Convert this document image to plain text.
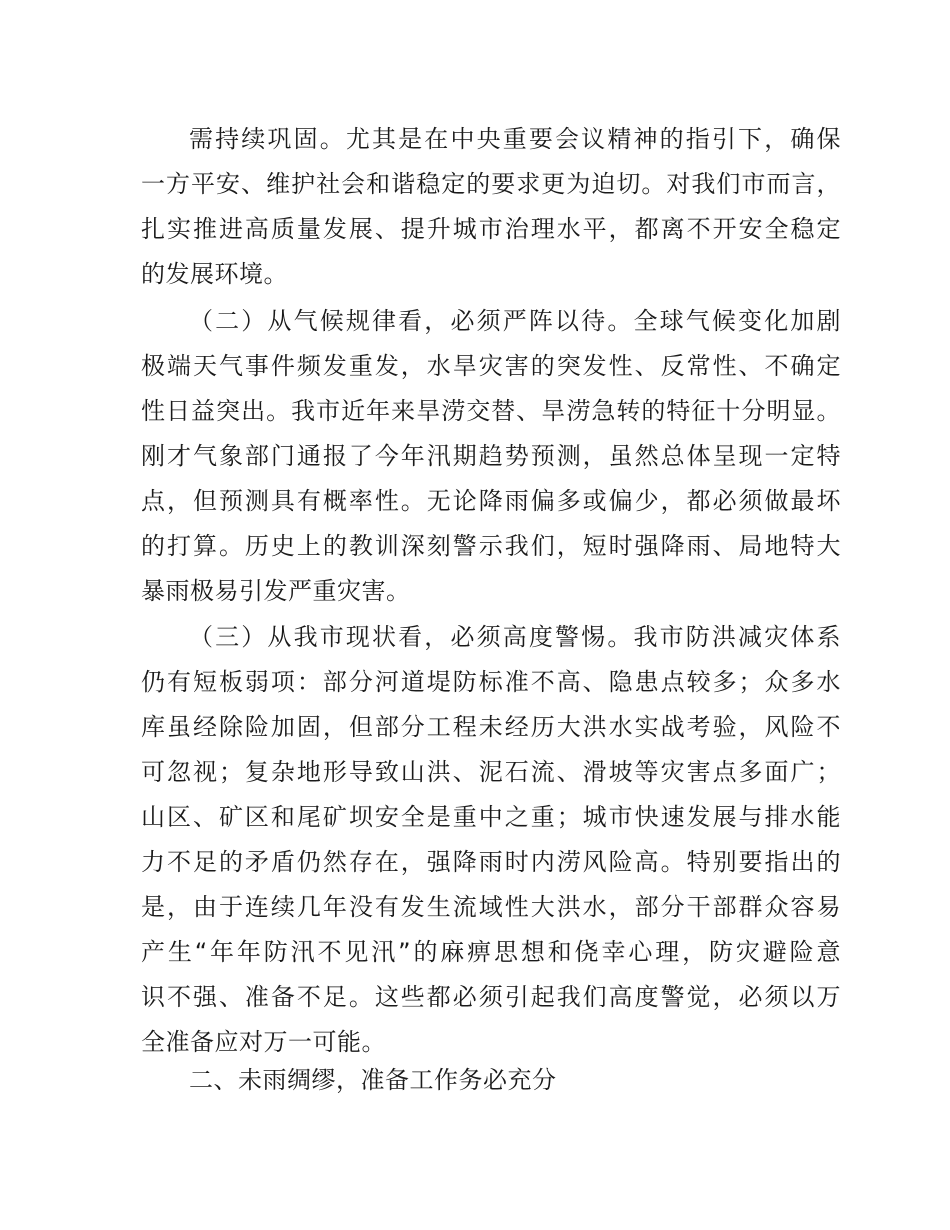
需持续巩固。尤其是在中央重要会议精神的指引下，确保
一方平安、维护社会和谐稳定的要求更为迫切。对我们市而言，
扎实推进高质量发展、提升城市治理水平，都离不开安全稳定
的发展环境。
（二）从气候规律看，必须严阵以待。全球气候变化加剧
极端天气事件频发重发，水旱灾害的突发性、反常性、不确定
性日益突出。我市近年来旱涝交替、旱涝急转的特征十分明显。
刚才气象部门通报了今年汛期趋势预测，虽然总体呈现一定特
点，但预测具有概率性。无论降雨偏多或偏少，都必须做最坏
的打算。历史上的教训深刻警示我们，短时强降雨、局地特大
暴雨极易引发严重灾害。
（三）从我市现状看，必须高度警惕。我市防洪减灾体系
仍有短板弱项：部分河道堤防标准不高、隐患点较多；众多水
库虽经除险加固，但部分工程未经历大洪水实战考验，风险不
可忽视；复杂地形导致山洪、泥石流、滑坡等灾害点多面广；
山区、矿区和尾矿坝安全是重中之重；城市快速发展与排水能
力不足的矛盾仍然存在，强降雨时内涝风险高。特别要指出的
是，由于连续几年没有发生流域性大洪水，部分干部群众容易
产生“年年防汛不见汛”的麻痹思想和侥幸心理，防灾避险意
识不强、准备不足。这些都必须引起我们高度警觉，必须以万
全准备应对万一可能。
二、未雨绸缪，准备工作务必充分
